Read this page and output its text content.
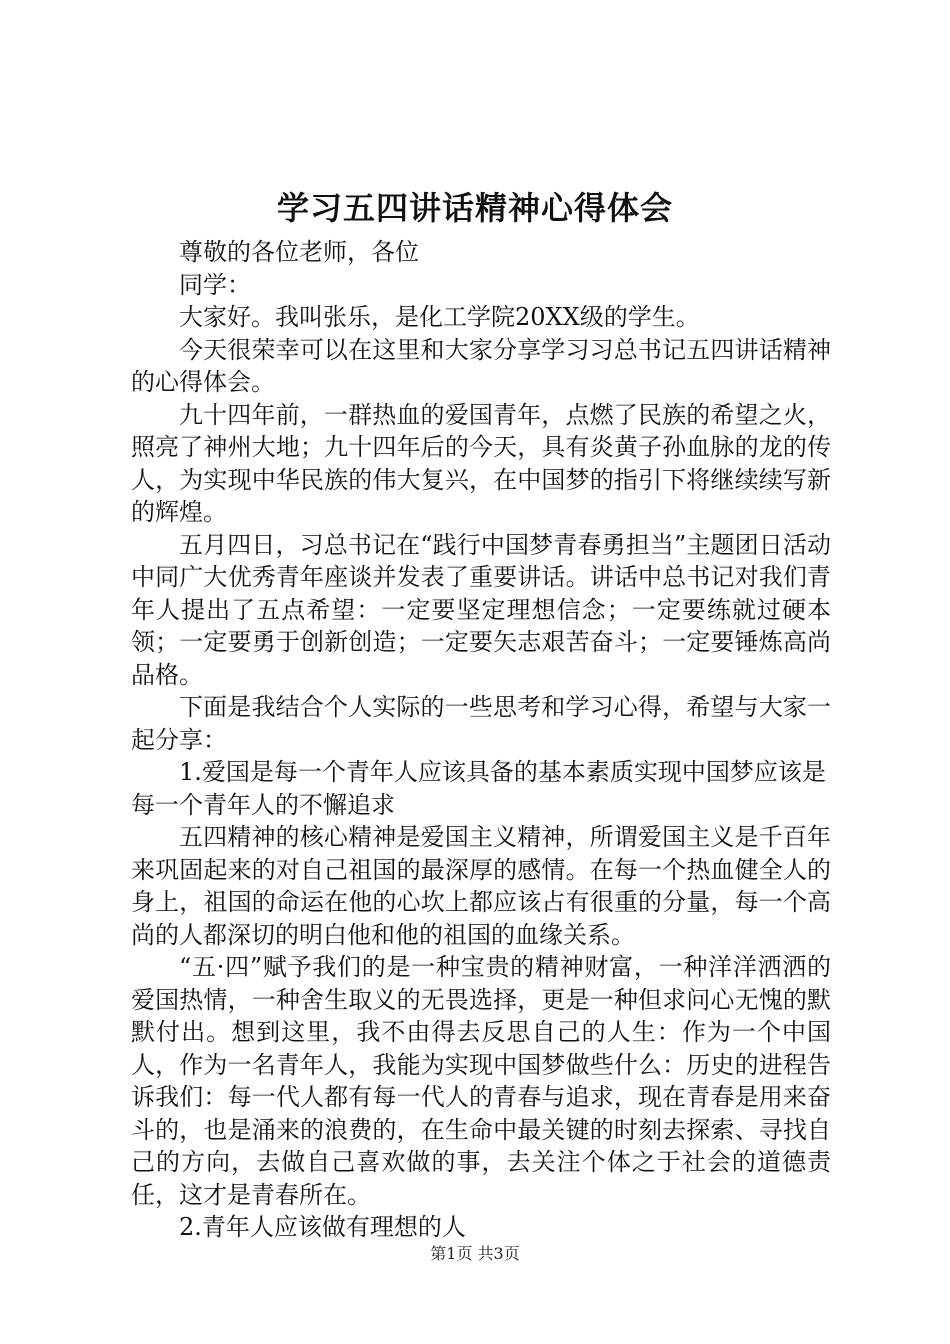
学习五四讲话精神心得体会

尊敬的各位老师，各位

同学：

大家好。我叫张乐，是化工学院20XX级的学生。

今天很荣幸可以在这里和大家分享学习习总书记五四讲话精神的心得体会。

九十四年前，一群热血的爱国青年，点燃了民族的希望之火，照亮了神州大地；九十四年后的今天，具有炎黄子孙血脉的龙的传人，为实现中华民族的伟大复兴，在中国梦的指引下将继续续写新的辉煌。

五月四日，习总书记在“践行中国梦青春勇担当”主题团日活动中同广大优秀青年座谈并发表了重要讲话。讲话中总书记对我们青年人提出了五点希望：一定要坚定理想信念；一定要练就过硬本领；一定要勇于创新创造；一定要矢志艰苦奋斗；一定要锤炼高尚品格。

下面是我结合个人实际的一些思考和学习心得，希望与大家一起分享：

1.爱国是每一个青年人应该具备的基本素质实现中国梦应该是每一个青年人的不懈追求

五四精神的核心精神是爱国主义精神，所谓爱国主义是千百年来巩固起来的对自己祖国的最深厚的感情。在每一个热血健全人的身上，祖国的命运在他的心坎上都应该占有很重的分量，每一个高尚的人都深切的明白他和他的祖国的血缘关系。

“五·四”赋予我们的是一种宝贵的精神财富，一种洋洋洒洒的爱国热情，一种舍生取义的无畏选择，更是一种但求问心无愧的默默付出。想到这里，我不由得去反思自己的人生：作为一个中国人，作为一名青年人，我能为实现中国梦做些什么：历史的进程告诉我们：每一代人都有每一代人的青春与追求，现在青春是用来奋斗的，也是涌来的浪费的，在生命中最关键的时刻去探索、寻找自己的方向，去做自己喜欢做的事，去关注个体之于社会的道德责任，这才是青春所在。

2.青年人应该做有理想的人

第1页 共3页
